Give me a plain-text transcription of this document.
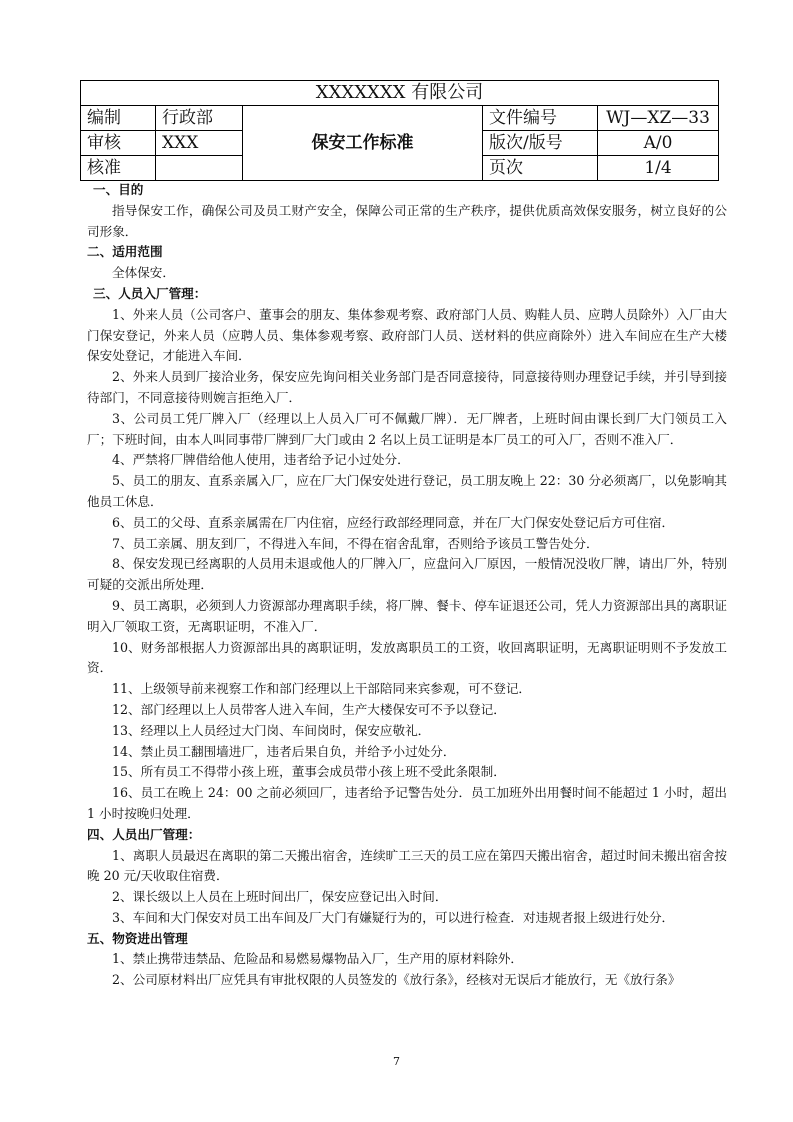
XXXXXXX 有限公司				
编制	行政部	保安工作标准	文件编号	WJ—XZ—33
审核	XXX		版次/版号	A/0
核准			页次	1/4

一、目的

指导保安工作，确保公司及员工财产安全，保障公司正常的生产秩序，提供优质高效保安服务，树立良好的公司形象．

二、适用范围

全体保安．

三、人员入厂管理：

1、外来人员（公司客户、董事会的朋友、集体参观考察、政府部门人员、购鞋人员、应聘人员除外）入厂由大门保安登记，外来人员（应聘人员、集体参观考察、政府部门人员、送材料的供应商除外）进入车间应在生产大楼保安处登记，才能进入车间．

2、外来人员到厂接洽业务，保安应先询问相关业务部门是否同意接待，同意接待则办理登记手续，并引导到接待部门，不同意接待则婉言拒绝入厂．

3、公司员工凭厂牌入厂（经理以上人员入厂可不佩戴厂牌）．无厂牌者，上班时间由课长到厂大门领员工入厂；下班时间，由本人叫同事带厂牌到厂大门或由 2 名以上员工证明是本厂员工的可入厂，否则不准入厂．

4、严禁将厂牌借给他人使用，违者给予记小过处分．

5、员工的朋友、直系亲属入厂，应在厂大门保安处进行登记，员工朋友晚上 22：30 分必须离厂，以免影响其他员工休息．

6、员工的父母、直系亲属需在厂内住宿，应经行政部经理同意，并在厂大门保安处登记后方可住宿．

7、员工亲属、朋友到厂，不得进入车间，不得在宿舍乱窜，否则给予该员工警告处分．

8、保安发现已经离职的人员用未退或他人的厂牌入厂，应盘问入厂原因，一般情况没收厂牌，请出厂外，特别可疑的交派出所处理．

9、员工离职，必须到人力资源部办理离职手续，将厂牌、餐卡、停车证退还公司，凭人力资源部出具的离职证明入厂领取工资，无离职证明，不准入厂．

10、财务部根据人力资源部出具的离职证明，发放离职员工的工资，收回离职证明，无离职证明则不予发放工资．

11、上级领导前来视察工作和部门经理以上干部陪同来宾参观，可不登记．

12、部门经理以上人员带客人进入车间，生产大楼保安可不予以登记．

13、经理以上人员经过大门岗、车间岗时，保安应敬礼．

14、禁止员工翻围墙进厂，违者后果自负，并给予小过处分．

15、所有员工不得带小孩上班，董事会成员带小孩上班不受此条限制．

16、员工在晚上 24：00 之前必须回厂，违者给予记警告处分．员工加班外出用餐时间不能超过 1 小时，超出 1 小时按晚归处理．

四、人员出厂管理：

1、离职人员最迟在离职的第二天搬出宿舍，连续旷工三天的员工应在第四天搬出宿舍，超过时间未搬出宿舍按晚 20 元/天收取住宿费．

2、课长级以上人员在上班时间出厂，保安应登记出入时间．

3、车间和大门保安对员工出车间及厂大门有嫌疑行为的，可以进行检查．对违规者报上级进行处分．

五、物资进出管理

1、禁止携带违禁品、危险品和易燃易爆物品入厂，生产用的原材料除外．

2、公司原材料出厂应凭具有审批权限的人员签发的《放行条》，经核对无误后才能放行，无《放行条》

7
